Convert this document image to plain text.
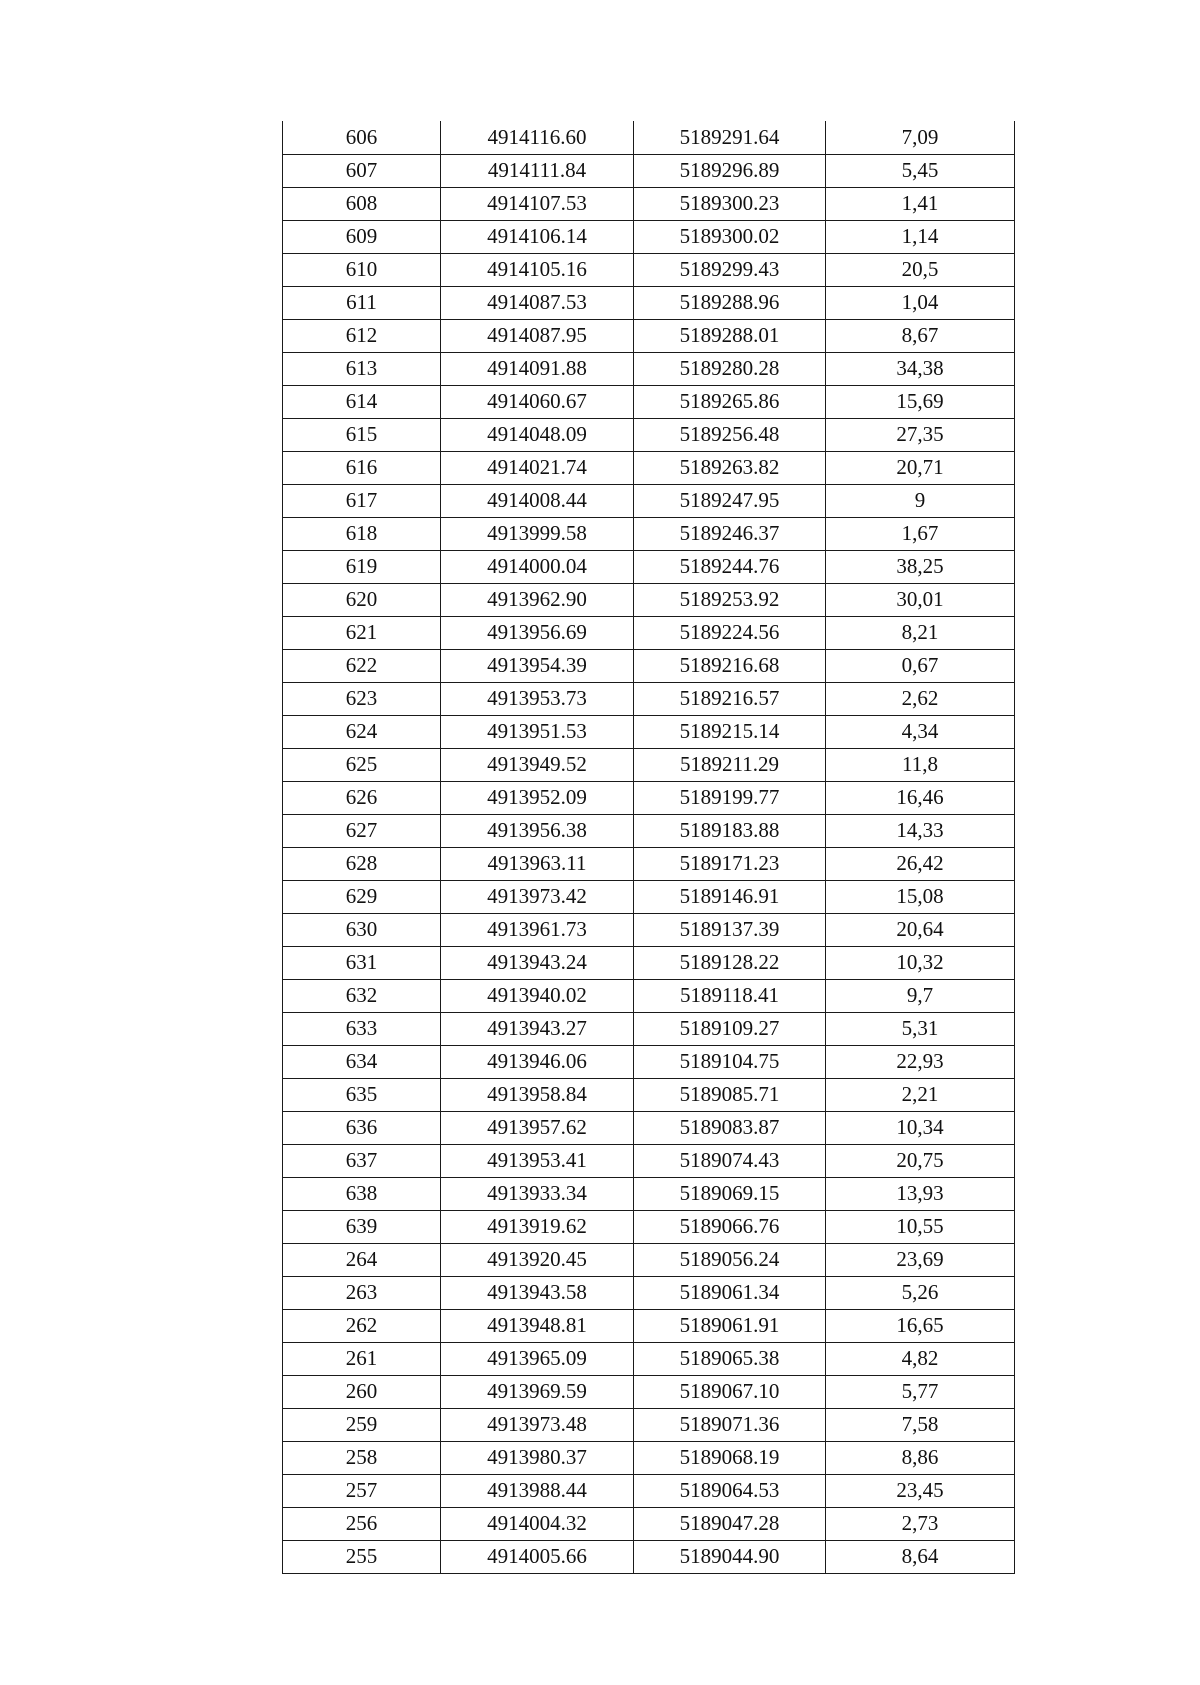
606	4914116.60	5189291.64	7,09
607	4914111.84	5189296.89	5,45
608	4914107.53	5189300.23	1,41
609	4914106.14	5189300.02	1,14
610	4914105.16	5189299.43	20,5
611	4914087.53	5189288.96	1,04
612	4914087.95	5189288.01	8,67
613	4914091.88	5189280.28	34,38
614	4914060.67	5189265.86	15,69
615	4914048.09	5189256.48	27,35
616	4914021.74	5189263.82	20,71
617	4914008.44	5189247.95	9
618	4913999.58	5189246.37	1,67
619	4914000.04	5189244.76	38,25
620	4913962.90	5189253.92	30,01
621	4913956.69	5189224.56	8,21
622	4913954.39	5189216.68	0,67
623	4913953.73	5189216.57	2,62
624	4913951.53	5189215.14	4,34
625	4913949.52	5189211.29	11,8
626	4913952.09	5189199.77	16,46
627	4913956.38	5189183.88	14,33
628	4913963.11	5189171.23	26,42
629	4913973.42	5189146.91	15,08
630	4913961.73	5189137.39	20,64
631	4913943.24	5189128.22	10,32
632	4913940.02	5189118.41	9,7
633	4913943.27	5189109.27	5,31
634	4913946.06	5189104.75	22,93
635	4913958.84	5189085.71	2,21
636	4913957.62	5189083.87	10,34
637	4913953.41	5189074.43	20,75
638	4913933.34	5189069.15	13,93
639	4913919.62	5189066.76	10,55
264	4913920.45	5189056.24	23,69
263	4913943.58	5189061.34	5,26
262	4913948.81	5189061.91	16,65
261	4913965.09	5189065.38	4,82
260	4913969.59	5189067.10	5,77
259	4913973.48	5189071.36	7,58
258	4913980.37	5189068.19	8,86
257	4913988.44	5189064.53	23,45
256	4914004.32	5189047.28	2,73
255	4914005.66	5189044.90	8,64
